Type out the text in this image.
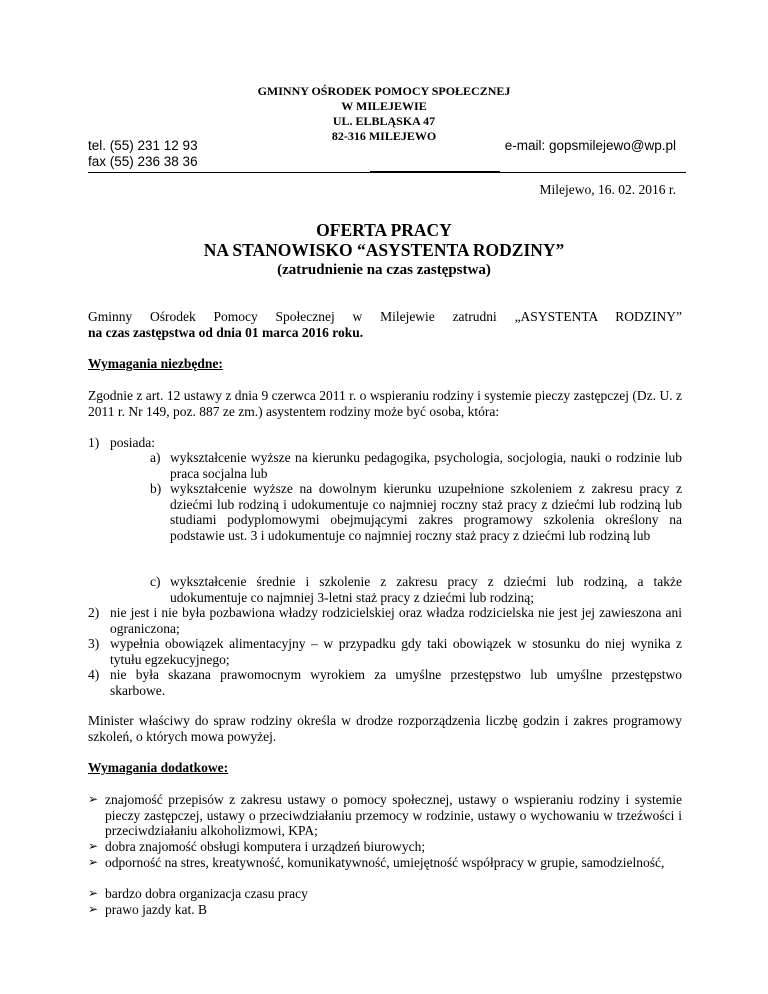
GMINNY OŚRODEK POMOCY SPOŁECZNEJ
W MILEJEWIE
UL. ELBLĄSKA 47
82-316 MILEJEWO
tel. (55) 231 12 93
fax (55) 236 38 36
e-mail: gopsmilejewo@wp.pl
Milejewo, 16. 02. 2016 r.
OFERTA PRACY
NA STANOWISKO “ASYSTENTA RODZINY”
(zatrudnienie na czas zastępstwa)
Gminny Ośrodek Pomocy Społecznej w Milejewie zatrudni „ASYSTENTA RODZINY”
na czas zastępstwa od dnia 01 marca 2016 roku.
Wymagania niezbędne:
Zgodnie z art. 12 ustawy z dnia 9 czerwca 2011 r. o wspieraniu rodziny i systemie pieczy zastępczej (Dz. U. z 2011 r. Nr 149, poz. 887 ze zm.) asystentem rodziny może być osoba, która:
1) posiada:
a) wykształcenie wyższe na kierunku pedagogika, psychologia, socjologia, nauki o rodzinie lub praca socjalna lub
b) wykształcenie wyższe na dowolnym kierunku uzupełnione szkoleniem z zakresu pracy z dziećmi lub rodziną i udokumentuje co najmniej roczny staż pracy z dziećmi lub rodziną lub studiami podyplomowymi obejmującymi zakres programowy szkolenia określony na podstawie ust. 3 i udokumentuje co najmniej roczny staż pracy z dziećmi lub rodziną lub
c) wykształcenie średnie i szkolenie z zakresu pracy z dziećmi lub rodziną, a także udokumentuje co najmniej 3-letni staż pracy z dziećmi lub rodziną;
2) nie jest i nie była pozbawiona władzy rodzicielskiej oraz władza rodzicielska nie jest jej zawieszona ani ograniczona;
3) wypełnia obowiązek alimentacyjny – w przypadku gdy taki obowiązek w stosunku do niej wynika z tytułu egzekucyjnego;
4) nie była skazana prawomocnym wyrokiem za umyślne przestępstwo lub umyślne przestępstwo skarbowe.
Minister właściwy do spraw rodziny określa w drodze rozporządzenia liczbę godzin i zakres programowy szkoleń, o których mowa powyżej.
Wymagania dodatkowe:
➢ znajomość przepisów z zakresu ustawy o pomocy społecznej, ustawy o wspieraniu rodziny i systemie pieczy zastępczej, ustawy o przeciwdziałaniu przemocy w rodzinie, ustawy o wychowaniu w trzeźwości i przeciwdziałaniu alkoholizmowi, KPA;
➢ dobra znajomość obsługi komputera i urządzeń biurowych;
➢ odporność na stres, kreatywność, komunikatywność, umiejętność współpracy w grupie, samodzielność,
➢ bardzo dobra organizacja czasu pracy
➢ prawo jazdy kat. B
